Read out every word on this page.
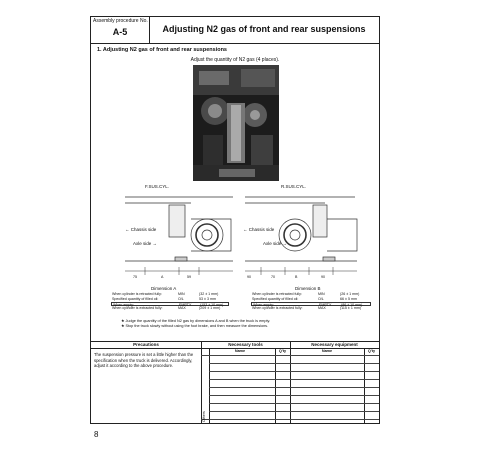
Assembly procedure No.
A-5	Adjusting N2 gas of front and rear suspensions
1. Adjusting N2 gas of front and rear suspensions
Adjust the quantity of N2 gas (4 places).
F.SUS.CYL.
← Chassis side
Axle side →
75	A	59
R.SUS.CYL.
← Chassis side
Axle side →
90	70	B	90
Dimension A	Dimension B
When cylinder is retracted fully:	MIN	(32 ± 1 mm)
Specified quantity of filled oil:	O/L	53 ± 3 mm
When empty:	EMPTY (153 ± 10 mm)
When cylinder is extracted fully:	MAX	(209 ± 1 mm)
When cylinder is retracted fully:	MIN	(26 ± 1 mm)
Specified quantity of filled oil:	O/L	66 ± 5 mm
When empty:	EMPTY	(86 ± 10 mm)
When cylinder is extracted fully:	MAX	(115 ± 1 mm)
★ Judge the quantity of the filled N2 gas by dimensions A and B when the truck is empty.
★ Stop the truck slowly without using the foot brake, and then measure the dimensions.
Precautions	Necessary tools	Necessary equipment
The suspension pressure is set a little higher than the specification when the truck is delivered. Accordingly, adjust it according to the above procedure.
Name	Q'ty	Name	Q'ty
Others
8
